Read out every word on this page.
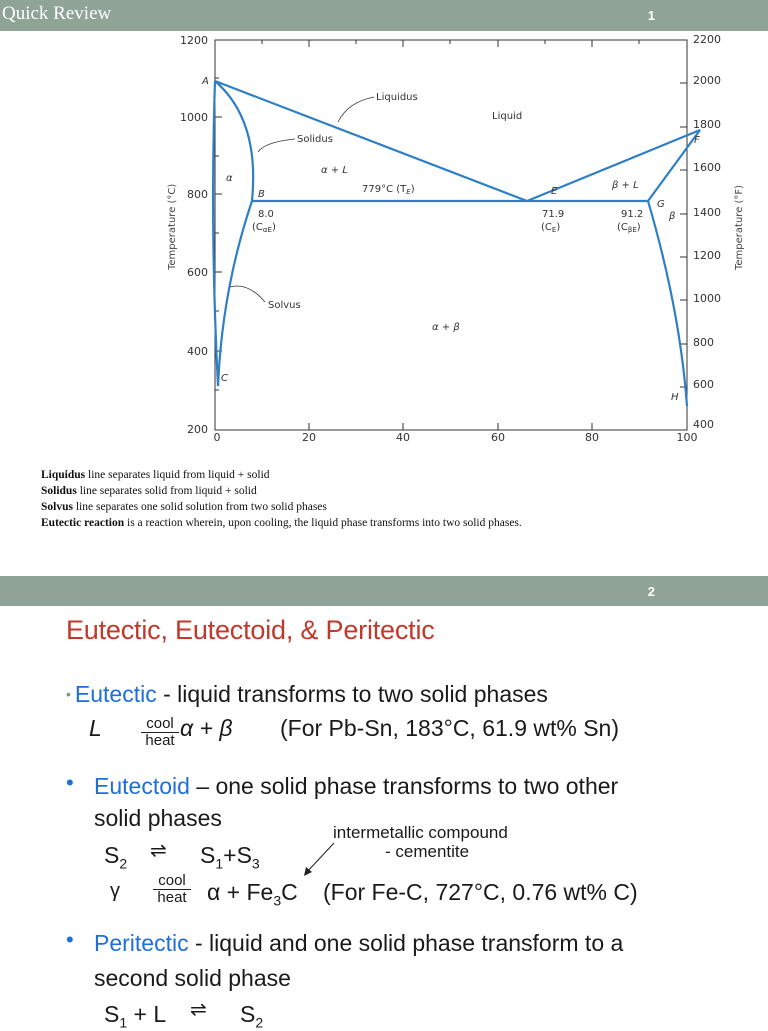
Quick Review	1
1200
1000
800
600
400
200
2200
2000
1800
1600
1400
1200
1000
800
600
400
0	20	40	60	80	100
Temperature (°C)	Temperature (°F)
A
B
C
E
F
G
H
Liquidus
Solidus
Solvus
Liquid
α
β
α + L
β + L
α + β
779°C $(T_E)$
8.0
$(C_{\alpha E})$
71.9
$(C_E)$
91.2
$(C_{\beta E})$
Liquidus line separates liquid from liquid + solid
Solidus line separates solid from liquid + solid
Solvus line separates one solid solution from two solid phases
Eutectic reaction is a reaction wherein, upon cooling, the liquid phase transforms into two solid phases.
2
Eutectic, Eutectoid, & Peritectic
• Eutectic - liquid transforms to two solid phases
L	cool
heat α + β (For Pb-Sn, 183°C, 61.9 wt% Sn)
• Eutectoid – one solid phase transforms to two other
solid phases
intermetallic compound
- cementite
$S_2$
⇌ $S_1+S_3$
γ	cool
heat $\alpha + Fe_3C$ (For Fe-C, 727°C, 0.76 wt% C)
• Peritectic - liquid and one solid phase transform to a
second solid phase
$S_1 + L$ ⇌ $S_2$
